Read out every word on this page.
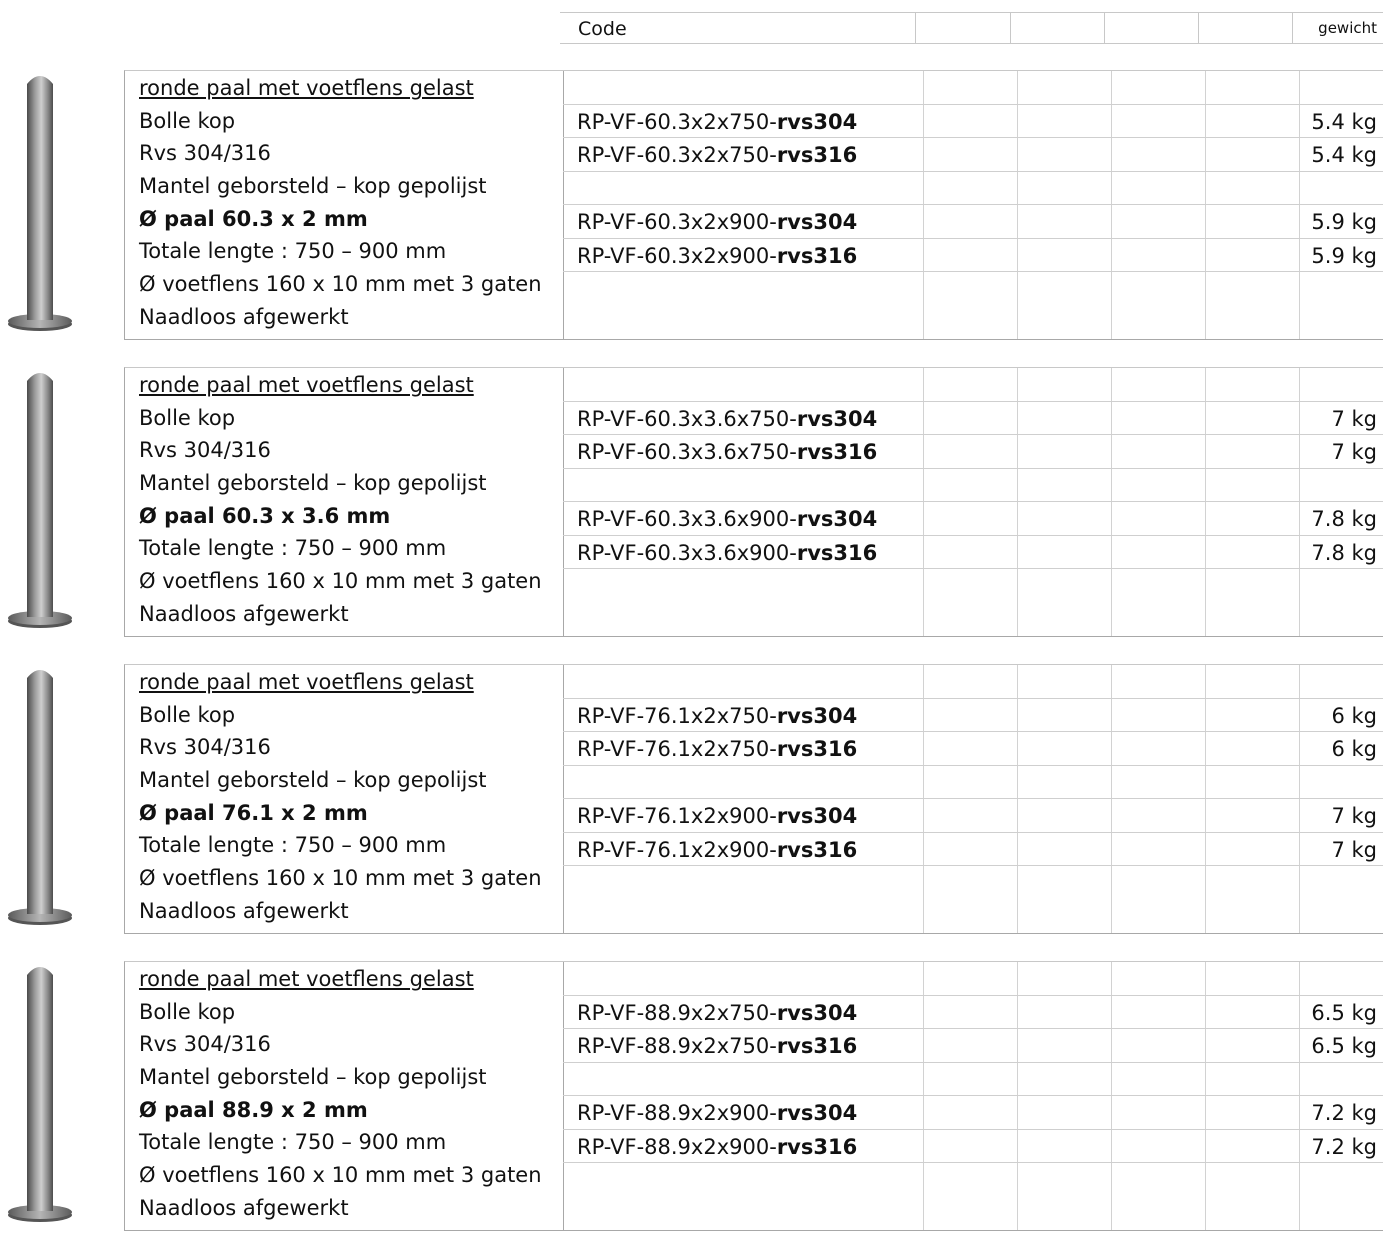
Code	gewicht
ronde paal met voetflens gelast
Bolle kop
Rvs 304/316
Mantel geborsteld – kop gepolijst
Ø paal 60.3 x 2 mm
Totale lengte : 750 – 900 mm
Ø voetflens 160 x 10 mm met 3 gaten
Naadloos afgewerkt
RP-VF-60.3x2x750-rvs304	5.4 kg
RP-VF-60.3x2x750-rvs316	5.4 kg
RP-VF-60.3x2x900-rvs304	5.9 kg
RP-VF-60.3x2x900-rvs316	5.9 kg
ronde paal met voetflens gelast
Bolle kop
Rvs 304/316
Mantel geborsteld – kop gepolijst
Ø paal 60.3 x 3.6 mm
Totale lengte : 750 – 900 mm
Ø voetflens 160 x 10 mm met 3 gaten
Naadloos afgewerkt
RP-VF-60.3x3.6x750-rvs304	7 kg
RP-VF-60.3x3.6x750-rvs316	7 kg
RP-VF-60.3x3.6x900-rvs304	7.8 kg
RP-VF-60.3x3.6x900-rvs316	7.8 kg
ronde paal met voetflens gelast
Bolle kop
Rvs 304/316
Mantel geborsteld – kop gepolijst
Ø paal 76.1 x 2 mm
Totale lengte : 750 – 900 mm
Ø voetflens 160 x 10 mm met 3 gaten
Naadloos afgewerkt
RP-VF-76.1x2x750-rvs304	6 kg
RP-VF-76.1x2x750-rvs316	6 kg
RP-VF-76.1x2x900-rvs304	7 kg
RP-VF-76.1x2x900-rvs316	7 kg
ronde paal met voetflens gelast
Bolle kop
Rvs 304/316
Mantel geborsteld – kop gepolijst
Ø paal 88.9 x 2 mm
Totale lengte : 750 – 900 mm
Ø voetflens 160 x 10 mm met 3 gaten
Naadloos afgewerkt
RP-VF-88.9x2x750-rvs304	6.5 kg
RP-VF-88.9x2x750-rvs316	6.5 kg
RP-VF-88.9x2x900-rvs304	7.2 kg
RP-VF-88.9x2x900-rvs316	7.2 kg
